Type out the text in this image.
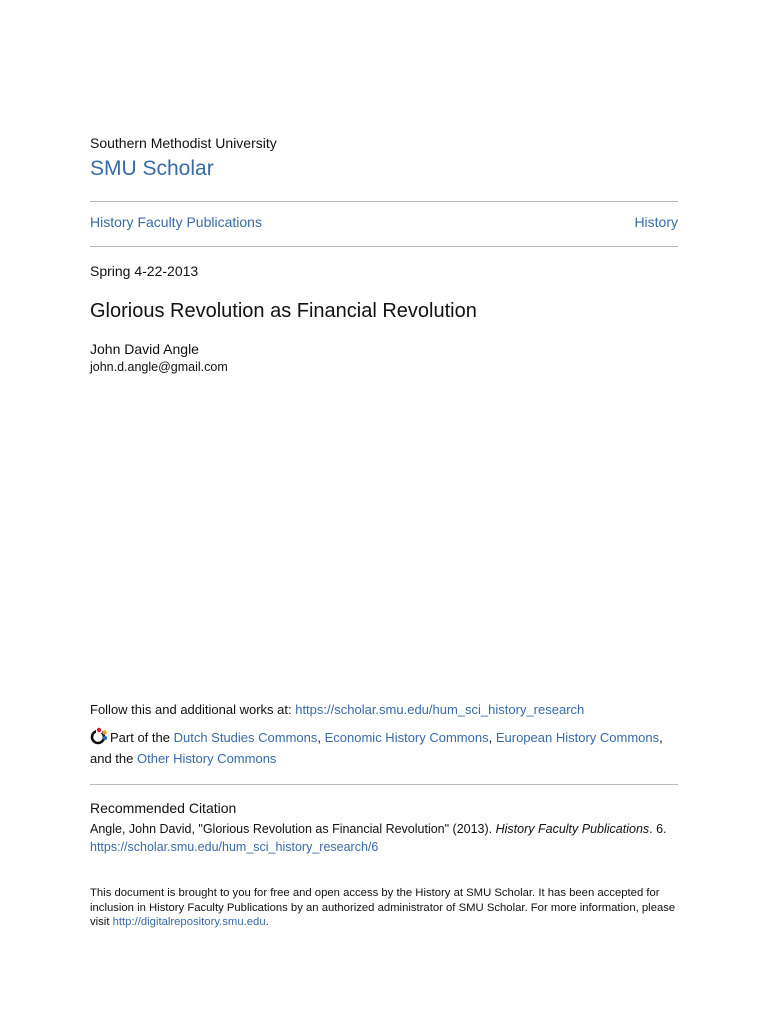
Southern Methodist University
SMU Scholar
History Faculty Publications	History
Spring 4-22-2013
Glorious Revolution as Financial Revolution
John David Angle
john.d.angle@gmail.com
Follow this and additional works at: https://scholar.smu.edu/hum_sci_history_research
Part of the Dutch Studies Commons, Economic History Commons, European History Commons, and the Other History Commons
Recommended Citation
Angle, John David, "Glorious Revolution as Financial Revolution" (2013). History Faculty Publications. 6.
https://scholar.smu.edu/hum_sci_history_research/6
This document is brought to you for free and open access by the History at SMU Scholar. It has been accepted for inclusion in History Faculty Publications by an authorized administrator of SMU Scholar. For more information, please visit http://digitalrepository.smu.edu.
